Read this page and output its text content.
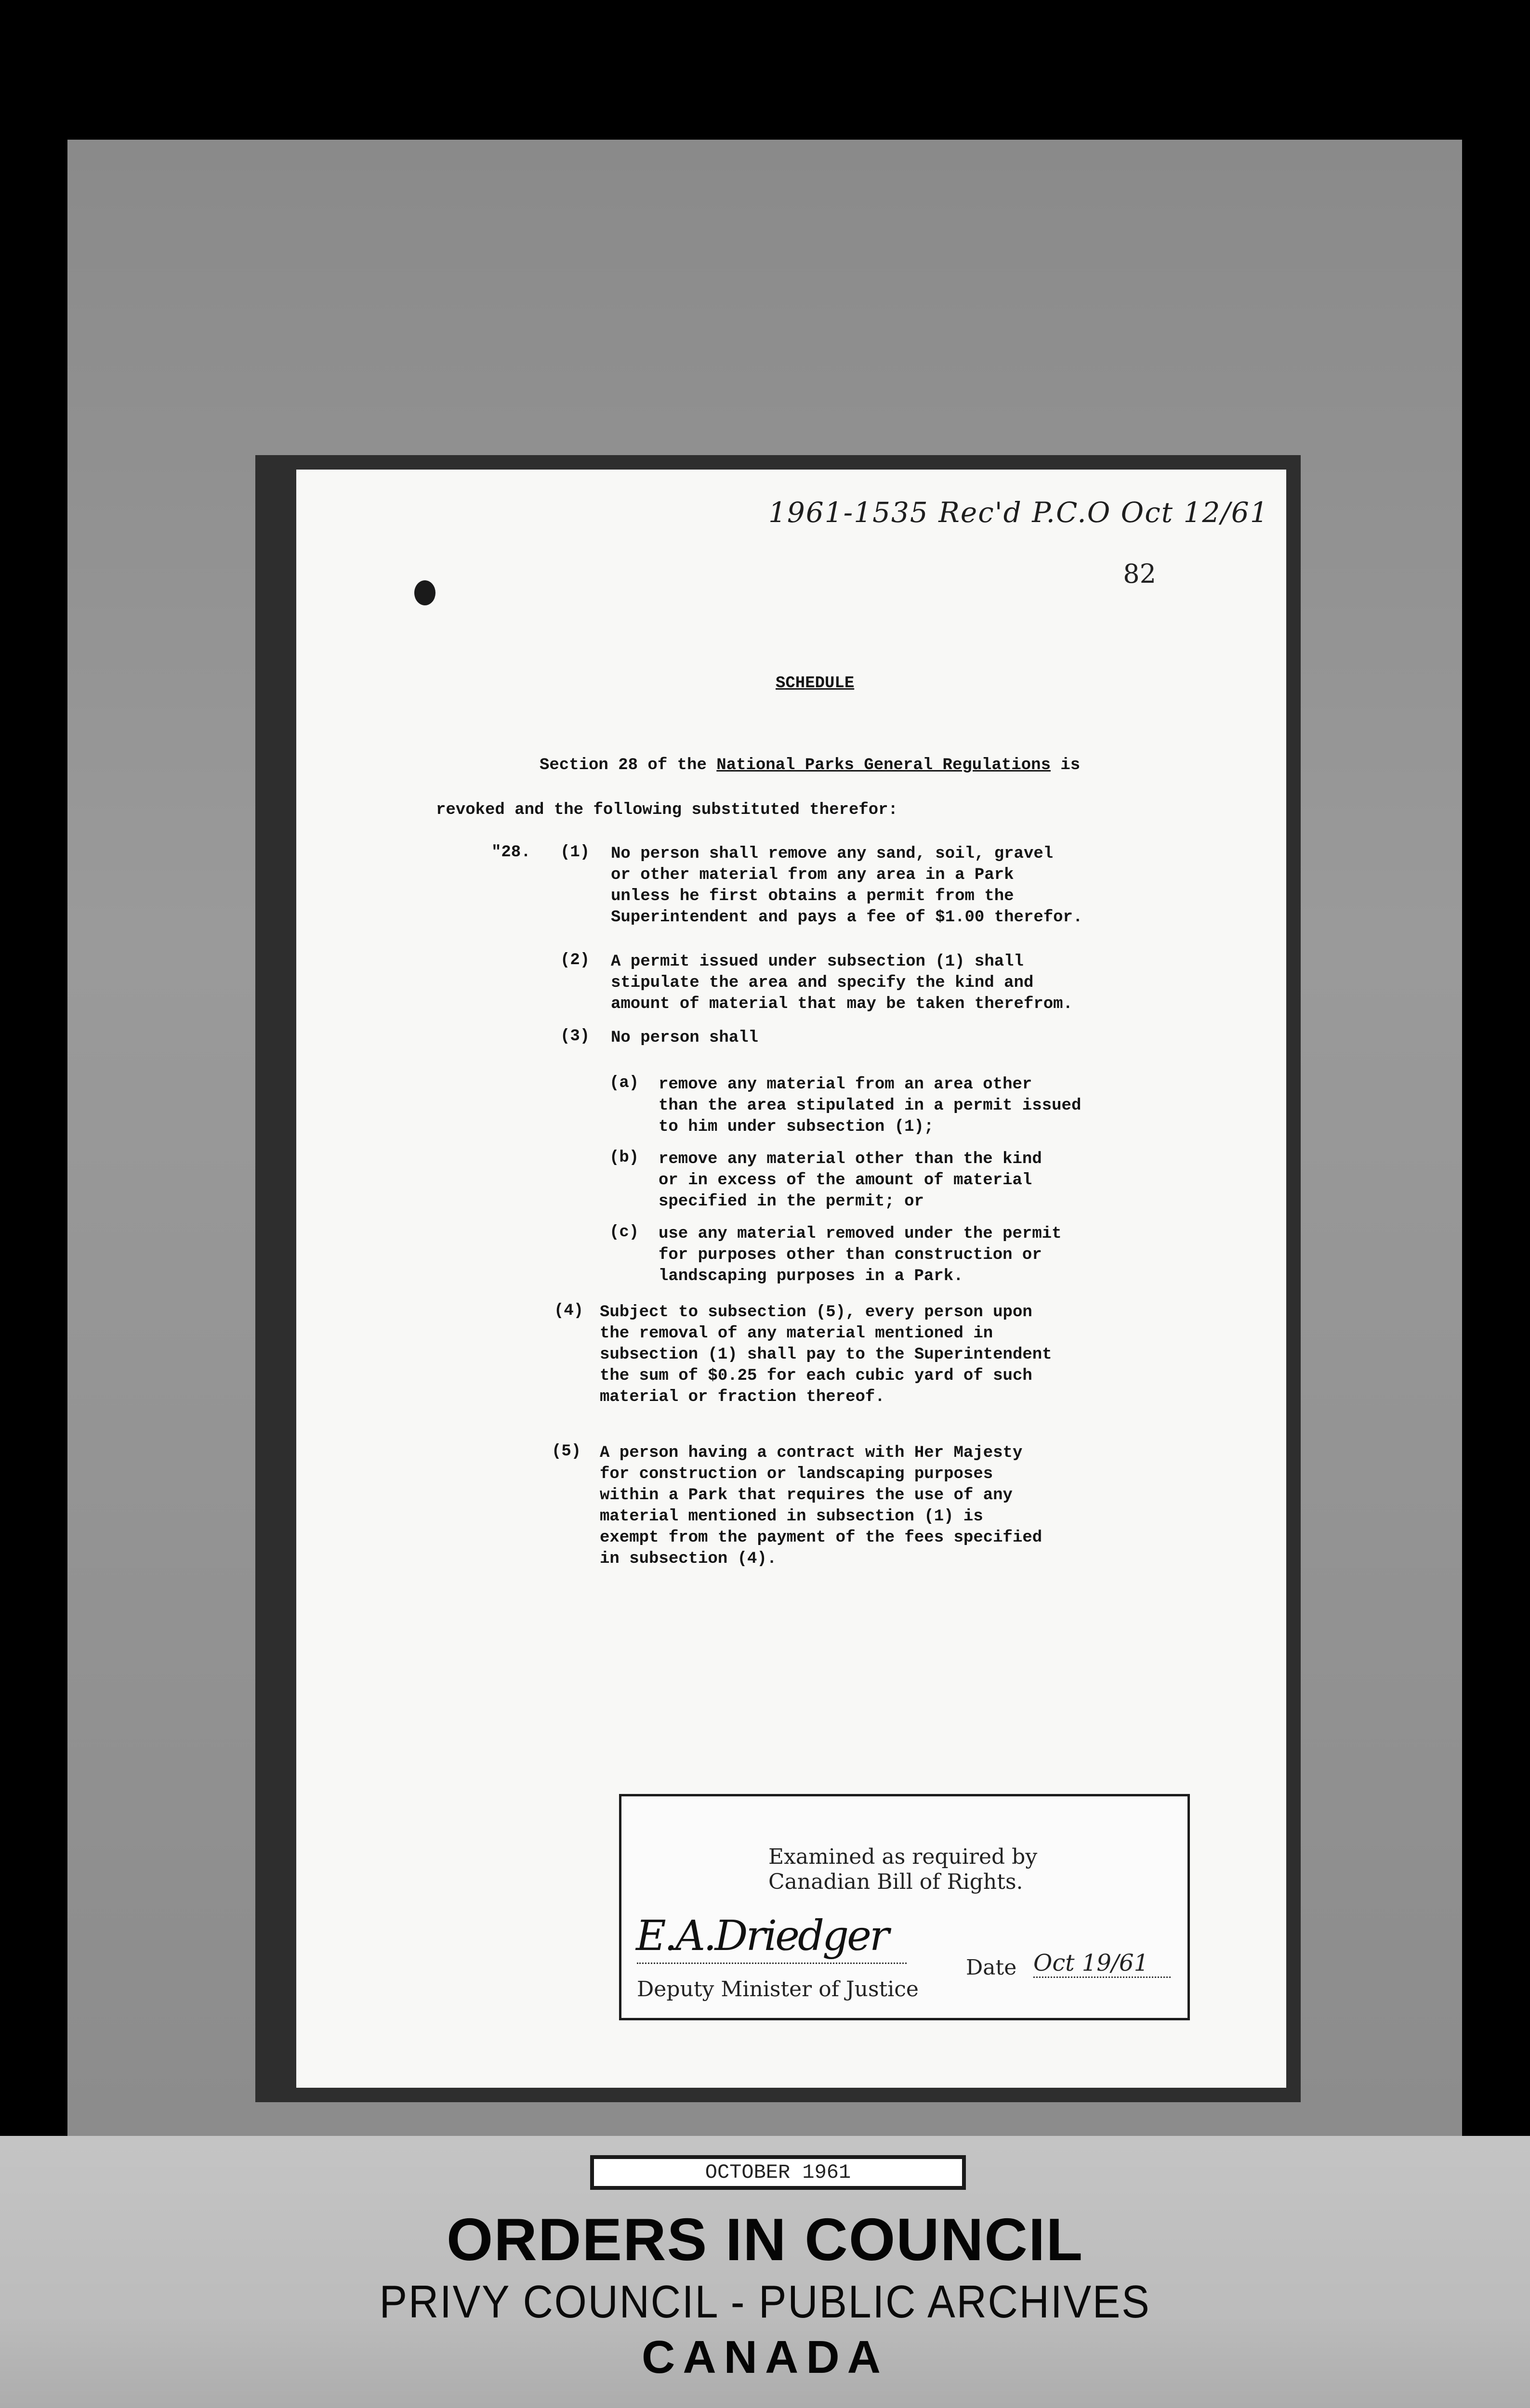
1961-1535 Rec'd P.C.O Oct 12/61
82
SCHEDULE
Section 28 of the National Parks General Regulations is
revoked and the following substituted therefor:
"28. (1) No person shall remove any sand, soil, gravel
or other material from any area in a Park
unless he first obtains a permit from the
Superintendent and pays a fee of $1.00 therefor.
(2) A permit issued under subsection (1) shall
stipulate the area and specify the kind and
amount of material that may be taken therefrom.
(3) No person shall
(a) remove any material from an area other
than the area stipulated in a permit issued
to him under subsection (1);
(b) remove any material other than the kind
or in excess of the amount of material
specified in the permit; or
(c) use any material removed under the permit
for purposes other than construction or
landscaping purposes in a Park.
(4) Subject to subsection (5), every person upon
the removal of any material mentioned in
subsection (1) shall pay to the Superintendent
the sum of $0.25 for each cubic yard of such
material or fraction thereof.
(5) A person having a contract with Her Majesty
for construction or landscaping purposes
within a Park that requires the use of any
material mentioned in subsection (1) is
exempt from the payment of the fees specified
in subsection (4).
Examined as required by
Canadian Bill of Rights.
E.A.Driedger
Deputy Minister of Justice
Date Oct 19/61
OCTOBER 1961
ORDERS IN COUNCIL
PRIVY COUNCIL - PUBLIC ARCHIVES
CANADA
